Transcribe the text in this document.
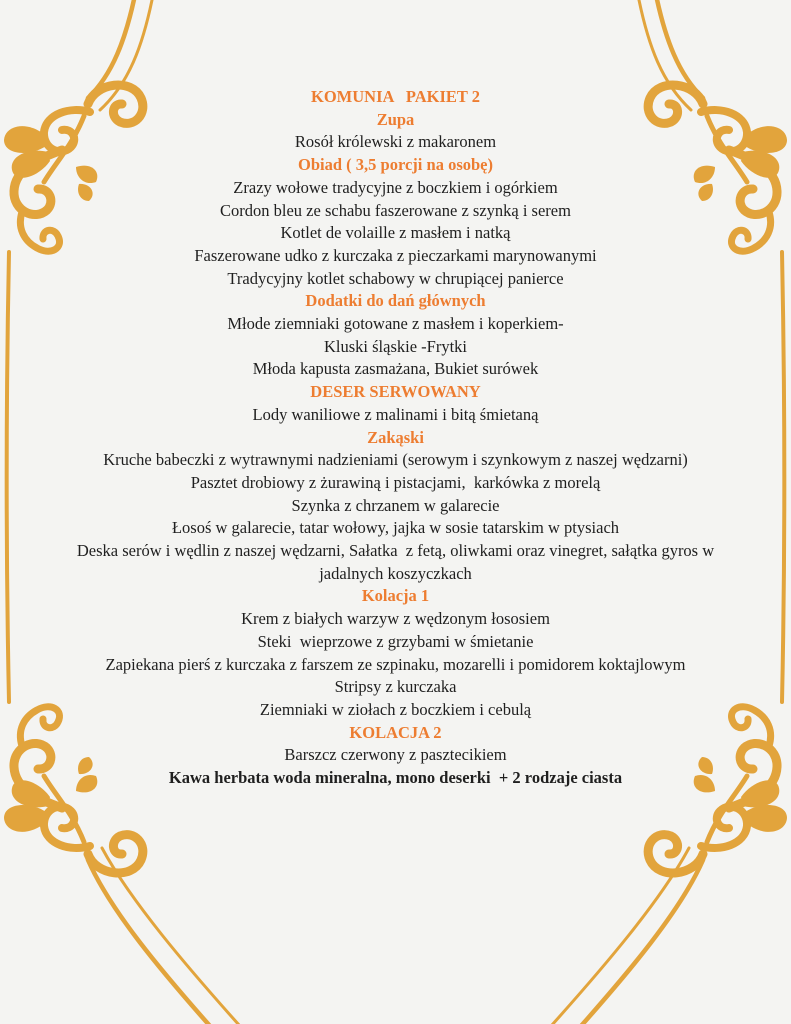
KOMUNIA   PAKIET 2

Zupa

Rosół królewski z makaronem

Obiad ( 3,5 porcji na osobę)

Zrazy wołowe tradycyjne z boczkiem i ogórkiem

Cordon bleu ze schabu faszerowane z szynką i serem

Kotlet de volaille z masłem i natką

Faszerowane udko z kurczaka z pieczarkami marynowanymi

Tradycyjny kotlet schabowy w chrupiącej panierce

Dodatki do dań głównych

Młode ziemniaki gotowane z masłem i koperkiem-

Kluski śląskie -Frytki

Młoda kapusta zasmażana, Bukiet surówek

DESER SERWOWANY

Lody waniliowe z malinami i bitą śmietaną

Zakąski

Kruche babeczki z wytrawnymi nadzieniami (serowym i szynkowym z naszej wędzarni)

Pasztet drobiowy z żurawiną i pistacjami,  karkówka z morelą

Szynka z chrzanem w galarecie

Łosoś w galarecie, tatar wołowy, jajka w sosie tatarskim w ptysiach

Deska serów i wędlin z naszej wędzarni, Sałatka  z fetą, oliwkami oraz vinegret, sałątka gyros w jadalnych koszyczkach

Kolacja 1

Krem z białych warzyw z wędzonym łososiem

Steki  wieprzowe z grzybami w śmietanie

Zapiekana pierś z kurczaka z farszem ze szpinaku, mozarelli i pomidorem koktajlowym

Stripsy z kurczaka

Ziemniaki w ziołach z boczkiem i cebulą

KOLACJA 2

Barszcz czerwony z pasztecikiem

Kawa herbata woda mineralna, mono deserki  + 2 rodzaje ciasta
